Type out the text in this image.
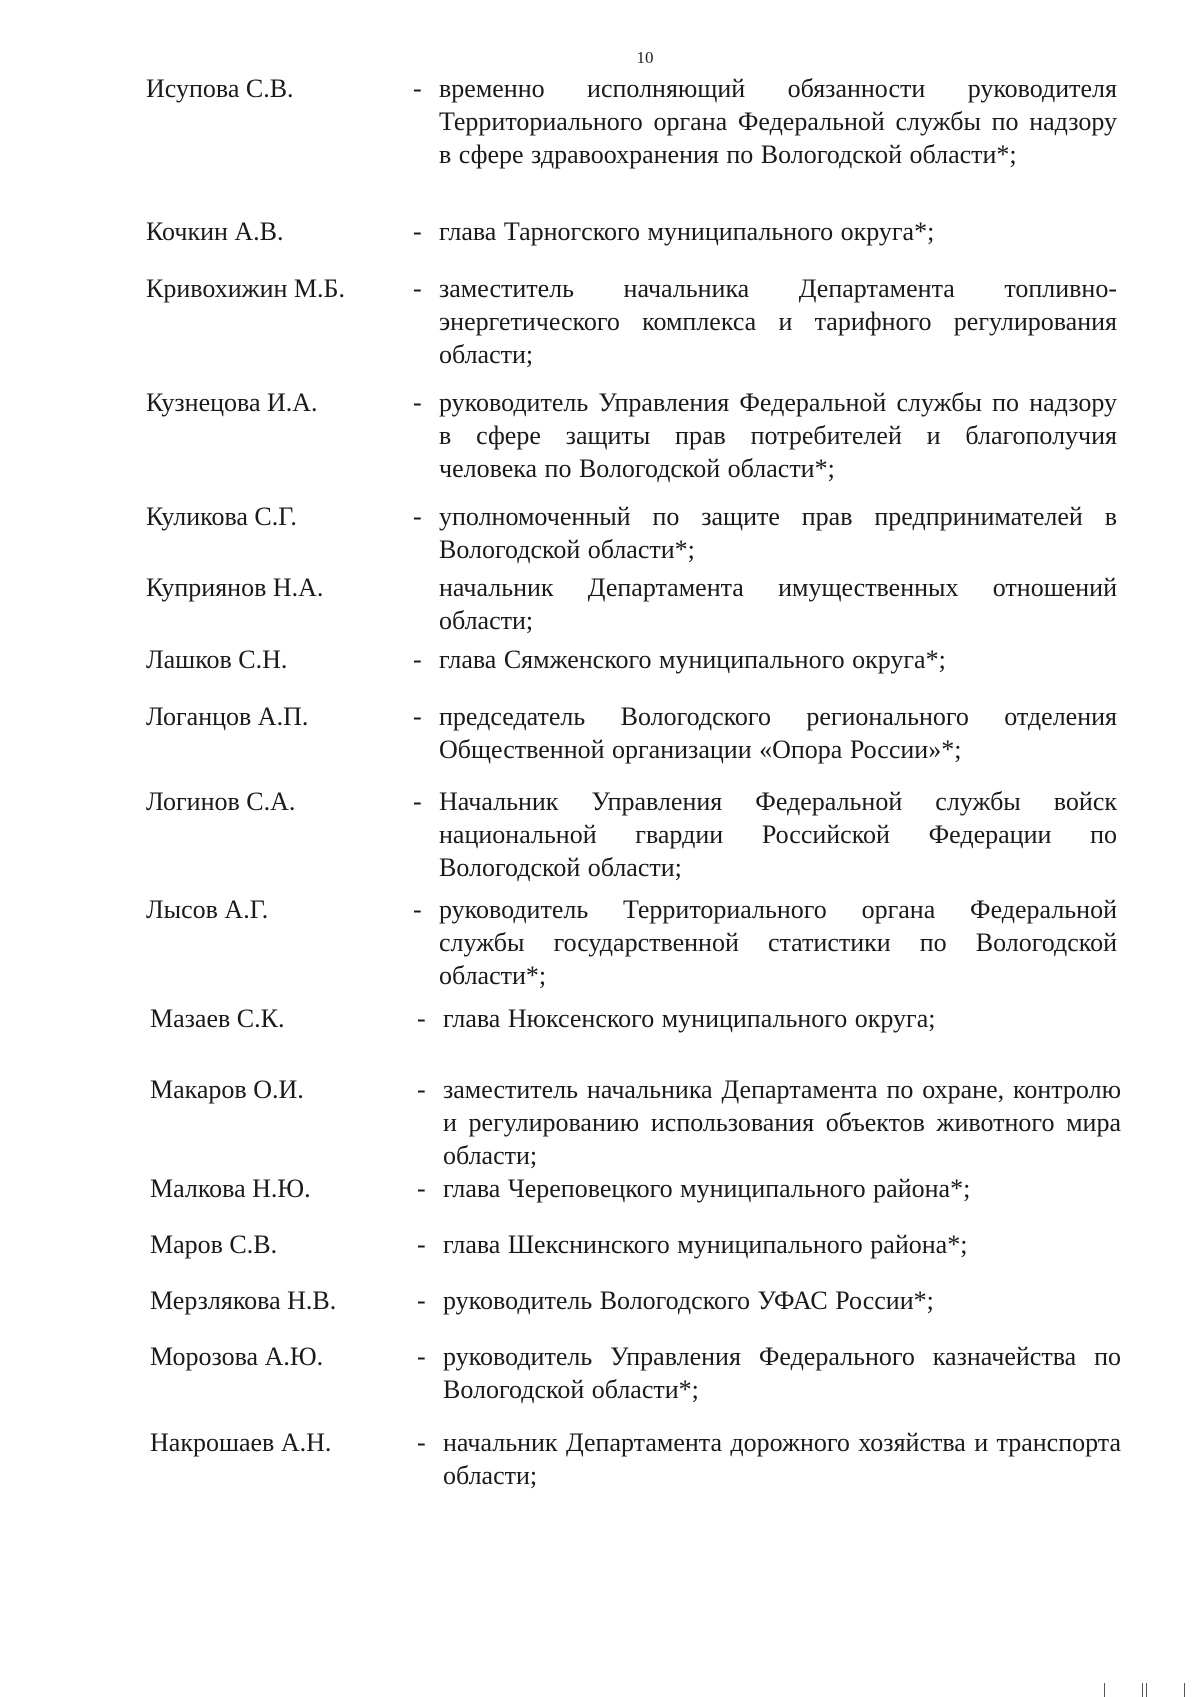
10
Исупова С.В.	- временно исполняющий обязанности руководителя Территориального органа Федеральной службы по надзору в сфере здравоохранения по Вологодской области*;
Кочкин А.В.	- глава Тарногского муниципального округа*;
Кривохижин М.Б.	- заместитель начальника Департамента топливно-энергетического комплекса и тарифного регулирования области;
Кузнецова И.А.	- руководитель Управления Федеральной службы по надзору в сфере защиты прав потребителей и благополучия человека по Вологодской области*;
Куликова С.Г.	- уполномоченный по защите прав предпринимателей в Вологодской области*;
Куприянов Н.А.	начальник Департамента имущественных отношений области;
Лашков С.Н.	- глава Сямженского муниципального округа*;
Логанцов А.П.	- председатель Вологодского регионального отделения Общественной организации «Опора России»*;
Логинов С.А.	- Начальник Управления Федеральной службы войск национальной гвардии Российской Федерации по Вологодской области;
Лысов А.Г.	- руководитель Территориального органа Федеральной службы государственной статистики по Вологодской области*;
Мазаев С.К.	- глава Нюксенского муниципального округа;
Макаров О.И.	- заместитель начальника Департамента по охране, контролю и регулированию использования объектов животного мира области;
Малкова Н.Ю.	- глава Череповецкого муниципального района*;
Маров С.В.	- глава Шекснинского муниципального района*;
Мерзлякова Н.В.	- руководитель Вологодского УФАС России*;
Морозова А.Ю.	- руководитель Управления Федерального казначейства по Вологодской области*;
Накрошаев А.Н.	- начальник Департамента дорожного хозяйства и транспорта области;
